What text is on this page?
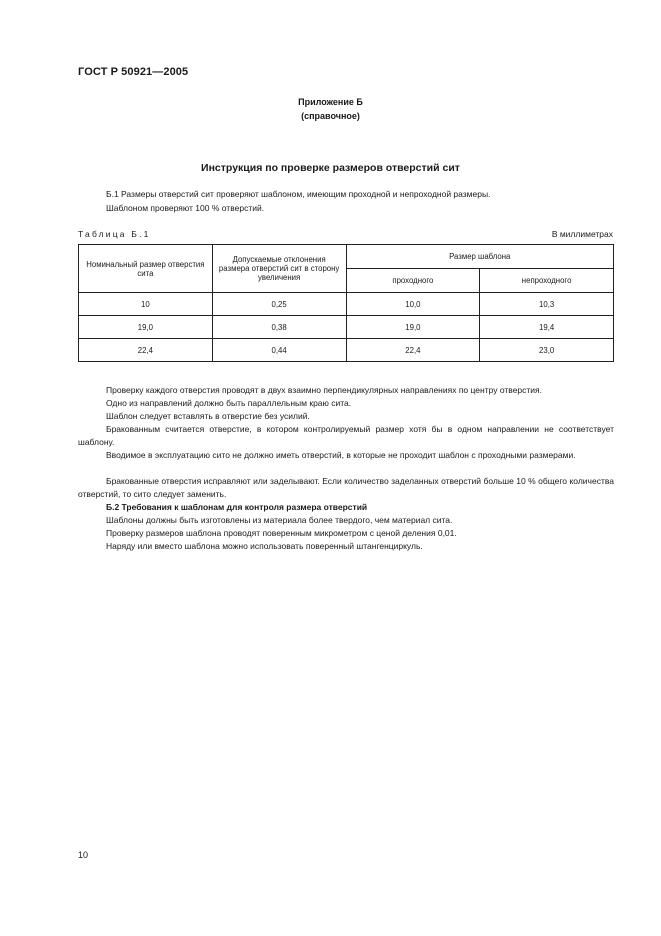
ГОСТ Р 50921—2005
Приложение Б
(справочное)
Инструкция по проверке размеров отверстий сит
Б.1 Размеры отверстий сит проверяют шаблоном, имеющим проходной и непроходной размеры.
Шаблоном проверяют 100 % отверстий.
Таблица Б.1	В миллиметрах
Номинальный размер отверстия сита	Допускаемые отклонения размера отверстий сит в сторону увеличения	Размер шаблона	
		проходного	непроходного
10	0,25	10,0	10,3
19,0	0,38	19,0	19,4
22,4	0,44	22,4	23,0
Проверку каждого отверстия проводят в двух взаимно перпендикулярных направлениях по центру отверстия.
Одно из направлений должно быть параллельным краю сита.
Шаблон следует вставлять в отверстие без усилий.
Бракованным считается отверстие, в котором контролируемый размер хотя бы в одном направлении не соответствует шаблону.
Вводимое в эксплуатацию сито не должно иметь отверстий, в которые не проходит шаблон с проходными размерами.
Бракованные отверстия исправляют или заделывают. Если количество заделанных отверстий больше 10 % общего количества отверстий, то сито следует заменить.
Б.2 Требования к шаблонам для контроля размера отверстий
Шаблоны должны быть изготовлены из материала более твердого, чем материал сита.
Проверку размеров шаблона проводят поверенным микрометром с ценой деления 0,01.
Наряду или вместо шаблона можно использовать поверенный штангенциркуль.
10
